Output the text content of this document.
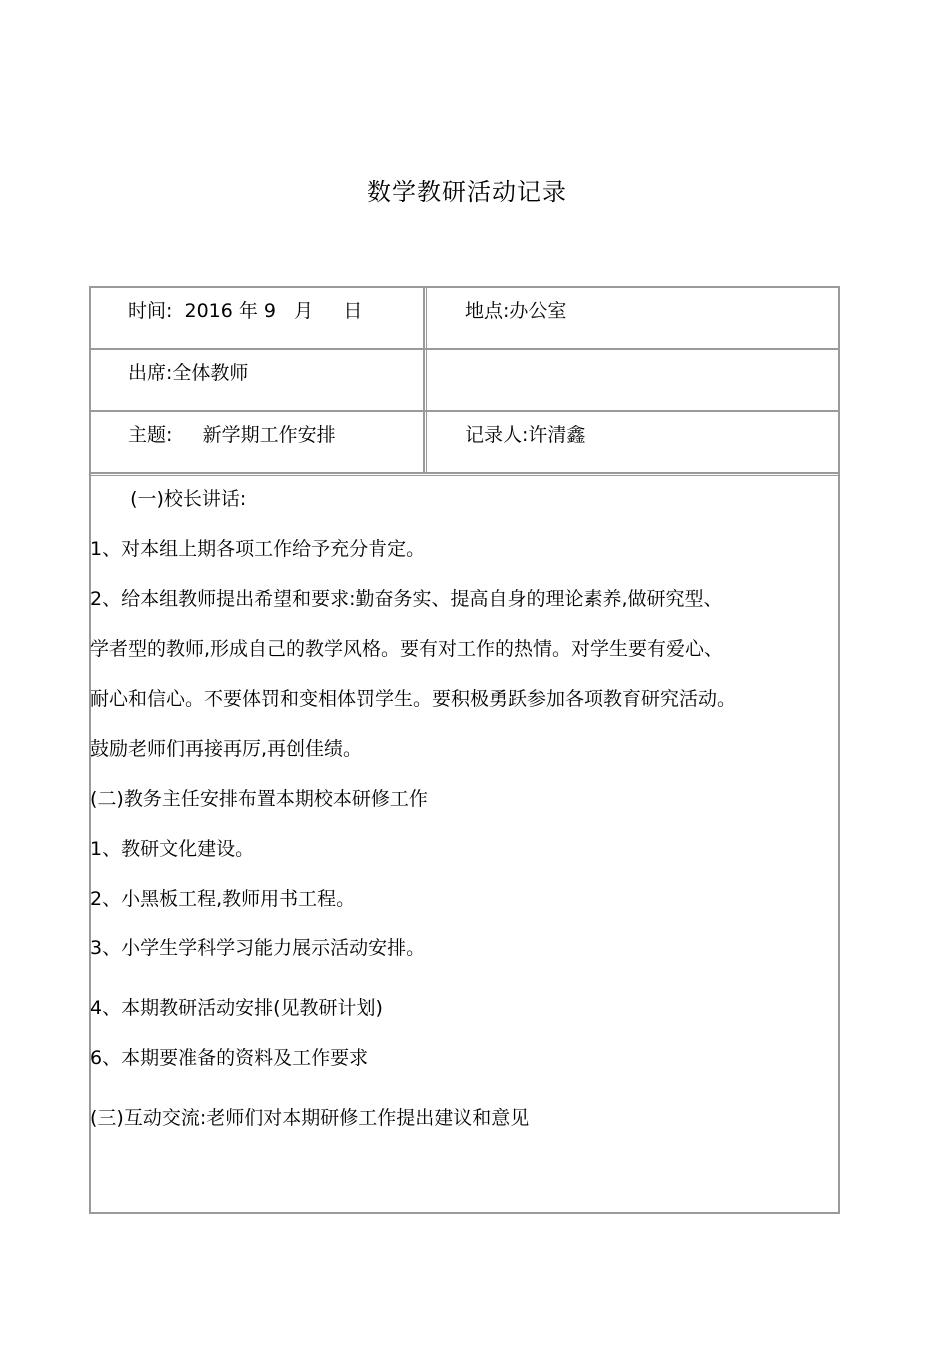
数学教研活动记录
时间:  2016 年 9   月     日	地点:办公室
出席:全体教师
主题:     新学期工作安排	记录人:许清鑫
(一)校长讲话:
1、对本组上期各项工作给予充分肯定。
2、给本组教师提出希望和要求:勤奋务实、提高自身的理论素养,做研究型、
学者型的教师,形成自己的教学风格。要有对工作的热情。对学生要有爱心、
耐心和信心。不要体罚和变相体罚学生。要积极勇跃参加各项教育研究活动。
鼓励老师们再接再厉,再创佳绩。
(二)教务主任安排布置本期校本研修工作
1、教研文化建设。
2、小黑板工程,教师用书工程。
3、小学生学科学习能力展示活动安排。
4、本期教研活动安排(见教研计划)
6、本期要准备的资料及工作要求
(三)互动交流:老师们对本期研修工作提出建议和意见
